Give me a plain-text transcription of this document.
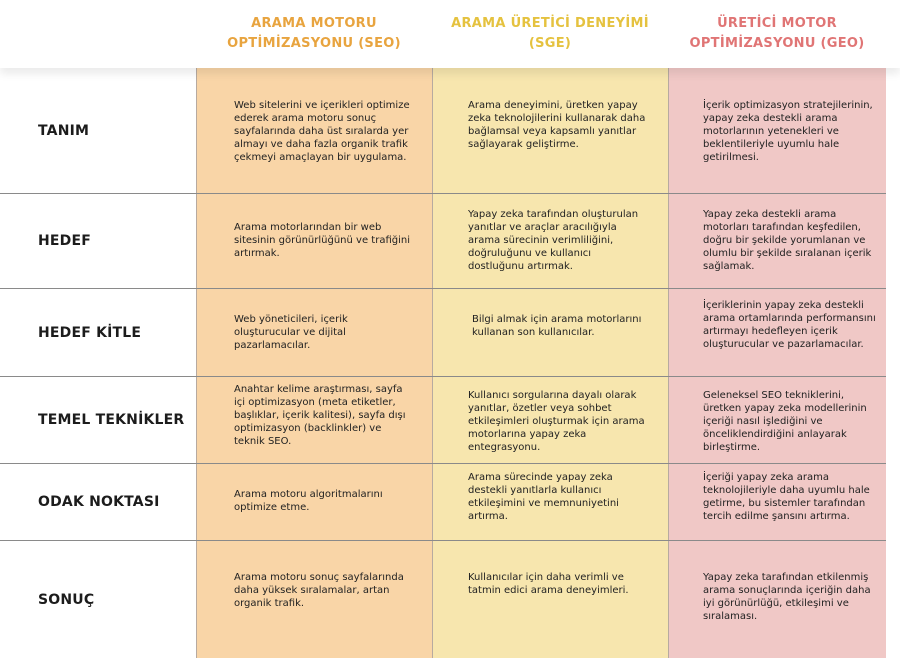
ARAMA MOTORU OPTİMİZASYONU (SEO)
ARAMA ÜRETİCİ DENEYİMİ (SGE)
ÜRETİCİ MOTOR OPTİMİZASYONU (GEO)
TANIM
Web sitelerini ve içerikleri optimize ederek arama motoru sonuç sayfalarında daha üst sıralarda yer almayı ve daha fazla organik trafik çekmeyi amaçlayan bir uygulama.
Arama deneyimini, üretken yapay zeka teknolojilerini kullanarak daha bağlamsal veya kapsamlı yanıtlar sağlayarak geliştirme.
İçerik optimizasyon stratejilerinin, yapay zeka destekli arama motorlarının yetenekleri ve beklentileriyle uyumlu hale getirilmesi.
HEDEF
Arama motorlarından bir web sitesinin görünürlüğünü ve trafiğini artırmak.
Yapay zeka tarafından oluşturulan yanıtlar ve araçlar aracılığıyla arama sürecinin verimliliğini, doğruluğunu ve kullanıcı dostluğunu artırmak.
Yapay zeka destekli arama motorları tarafından keşfedilen, doğru bir şekilde yorumlanan ve olumlu bir şekilde sıralanan içerik sağlamak.
HEDEF KİTLE
Web yöneticileri, içerik oluşturucular ve dijital pazarlamacılar.
Bilgi almak için arama motorlarını kullanan son kullanıcılar.
İçeriklerinin yapay zeka destekli arama ortamlarında performansını artırmayı hedefleyen içerik oluşturucular ve pazarlamacılar.
TEMEL TEKNİKLER
Anahtar kelime araştırması, sayfa içi optimizasyon (meta etiketler, başlıklar, içerik kalitesi), sayfa dışı optimizasyon (backlinkler) ve teknik SEO.
Kullanıcı sorgularına dayalı olarak yanıtlar, özetler veya sohbet etkileşimleri oluşturmak için arama motorlarına yapay zeka entegrasyonu.
Geleneksel SEO tekniklerini, üretken yapay zeka modellerinin içeriği nasıl işlediğini ve önceliklendirdiğini anlayarak birleştirme.
ODAK NOKTASI	Arama motoru algoritmalarını optimize etme.
Arama sürecinde yapay zeka destekli yanıtlarla kullanıcı etkileşimini ve memnuniyetini artırma.
İçeriği yapay zeka arama teknolojileriyle daha uyumlu hale getirme, bu sistemler tarafından tercih edilme şansını artırma.
SONUÇ
Arama motoru sonuç sayfalarında daha yüksek sıralamalar, artan organik trafik.
Kullanıcılar için daha verimli ve tatmin edici arama deneyimleri.
Yapay zeka tarafından etkilenmiş arama sonuçlarında içeriğin daha iyi görünürlüğü, etkileşimi ve sıralaması.
